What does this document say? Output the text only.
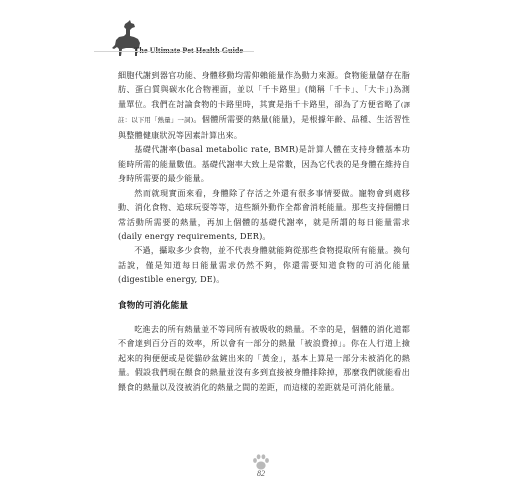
細胞代謝到器官功能、身體移動均需仰賴能量作為動力來源。食物能量儲存在脂肪、蛋白質與碳水化合物裡面，並以「千卡路里」(簡稱「千卡」、「大卡」)為測量單位。我們在討論食物的卡路里時，其實是指千卡路里，卻為了方便省略了(譯註：以下用「熱量」一詞)。個體所需要的熱量(能量)，是根據年齡、品種、生活習性與整體健康狀況等因素計算出來。

基礎代謝率(basal metabolic rate, BMR)是計算人體在支持身體基本功能時所需的能量數值。基礎代謝率大致上是常數，因為它代表的是身體在維持自身時所需要的最少能量。

然而就現實面來看，身體除了存活之外還有很多事情要做。寵物會到處移動、消化食物、追球玩耍等等，這些額外動作全都會消耗能量。那些支持個體日常活動所需要的熱量，再加上個體的基礎代謝率，就是所謂的每日能量需求(daily energy requirements, DER)。

不過，攝取多少食物，並不代表身體就能夠從那些食物提取所有能量。換句話說，僅是知道每日能量需求仍然不夠，你還需要知道食物的可消化能量(digestible energy, DE)。

食物的可消化能量

吃進去的所有熱量並不等同所有被吸收的熱量。不幸的是，個體的消化道都不會達到百分百的效率，所以會有一部分的熱量「被浪費掉」。你在人行道上撿起來的狗便便或是從貓砂盆鏟出來的「黃金」，基本上算是一部分未被消化的熱量。假設我們現在餵食的熱量並沒有多到直接被身體排除掉，那麼我們就能看出餵食的熱量以及沒被消化的熱量之間的差距，而這樣的差距就是可消化能量。

82
